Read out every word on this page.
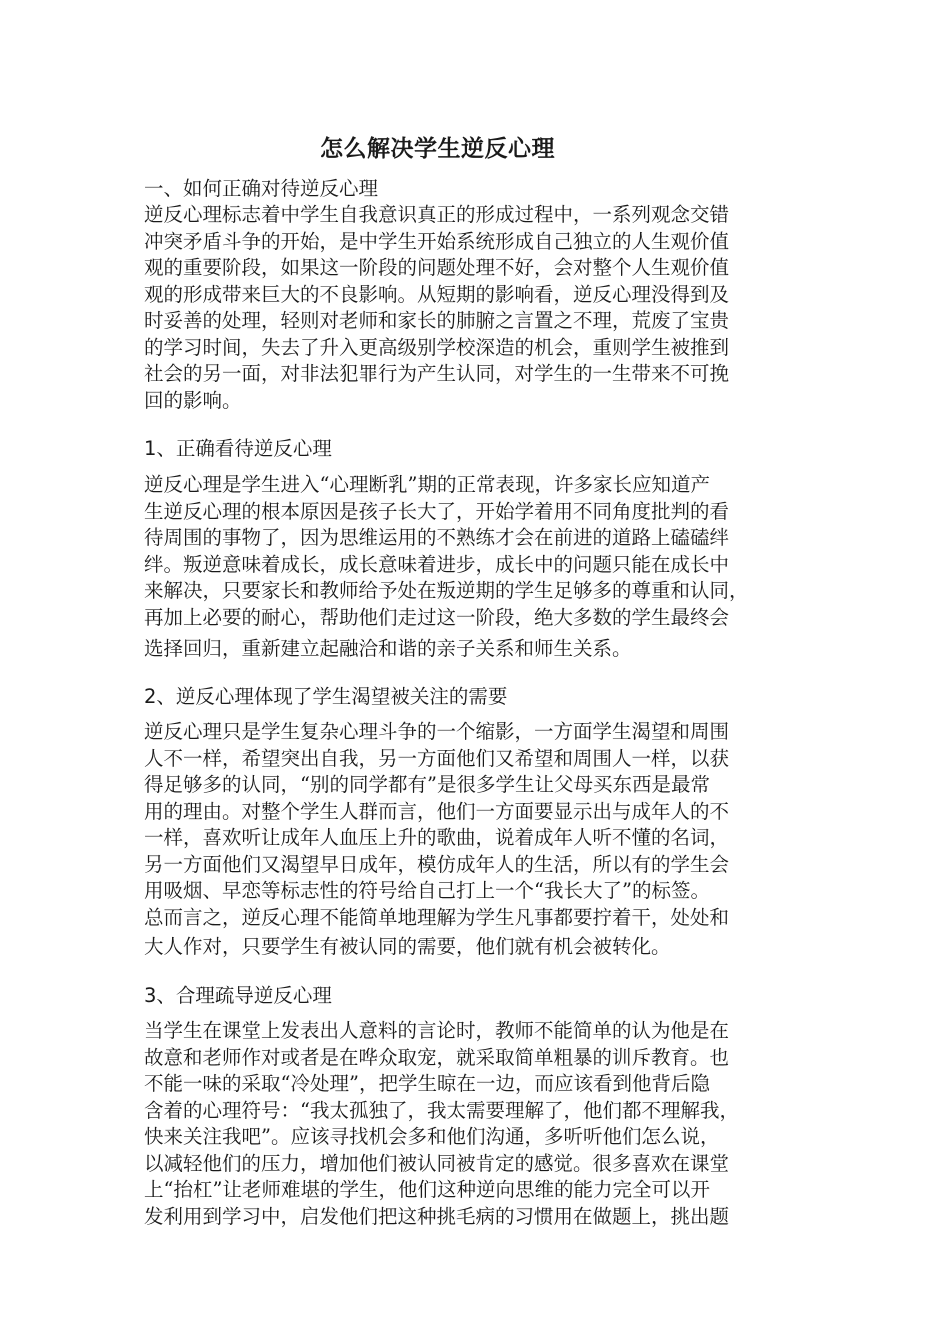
怎么解决学生逆反心理
一、如何正确对待逆反心理
逆反心理标志着中学生自我意识真正的形成过程中，一系列观念交错
冲突矛盾斗争的开始，是中学生开始系统形成自己独立的人生观价值
观的重要阶段，如果这一阶段的问题处理不好，会对整个人生观价值
观的形成带来巨大的不良影响。从短期的影响看，逆反心理没得到及
时妥善的处理，轻则对老师和家长的肺腑之言置之不理，荒废了宝贵
的学习时间，失去了升入更高级别学校深造的机会，重则学生被推到
社会的另一面，对非法犯罪行为产生认同，对学生的一生带来不可挽
回的影响。
1、正确看待逆反心理
逆反心理是学生进入“心理断乳”期的正常表现，许多家长应知道产
生逆反心理的根本原因是孩子长大了，开始学着用不同角度批判的看
待周围的事物了，因为思维运用的不熟练才会在前进的道路上磕磕绊
绊。叛逆意味着成长，成长意味着进步，成长中的问题只能在成长中
来解决，只要家长和教师给予处在叛逆期的学生足够多的尊重和认同，
再加上必要的耐心，帮助他们走过这一阶段，绝大多数的学生最终会
选择回归，重新建立起融洽和谐的亲子关系和师生关系。
2、逆反心理体现了学生渴望被关注的需要
逆反心理只是学生复杂心理斗争的一个缩影，一方面学生渴望和周围
人不一样，希望突出自我，另一方面他们又希望和周围人一样，以获
得足够多的认同，“别的同学都有”是很多学生让父母买东西是最常
用的理由。对整个学生人群而言，他们一方面要显示出与成年人的不
一样，喜欢听让成年人血压上升的歌曲，说着成年人听不懂的名词，
另一方面他们又渴望早日成年，模仿成年人的生活，所以有的学生会
用吸烟、早恋等标志性的符号给自己打上一个“我长大了”的标签。
总而言之，逆反心理不能简单地理解为学生凡事都要拧着干，处处和
大人作对，只要学生有被认同的需要，他们就有机会被转化。
3、合理疏导逆反心理
当学生在课堂上发表出人意料的言论时，教师不能简单的认为他是在
故意和老师作对或者是在哗众取宠，就采取简单粗暴的训斥教育。也
不能一味的采取“冷处理”，把学生晾在一边，而应该看到他背后隐
含着的心理符号：“我太孤独了，我太需要理解了，他们都不理解我，
快来关注我吧”。应该寻找机会多和他们沟通，多听听他们怎么说，
以减轻他们的压力，增加他们被认同被肯定的感觉。很多喜欢在课堂
上“抬杠”让老师难堪的学生，他们这种逆向思维的能力完全可以开
发利用到学习中，启发他们把这种挑毛病的习惯用在做题上，挑出题
